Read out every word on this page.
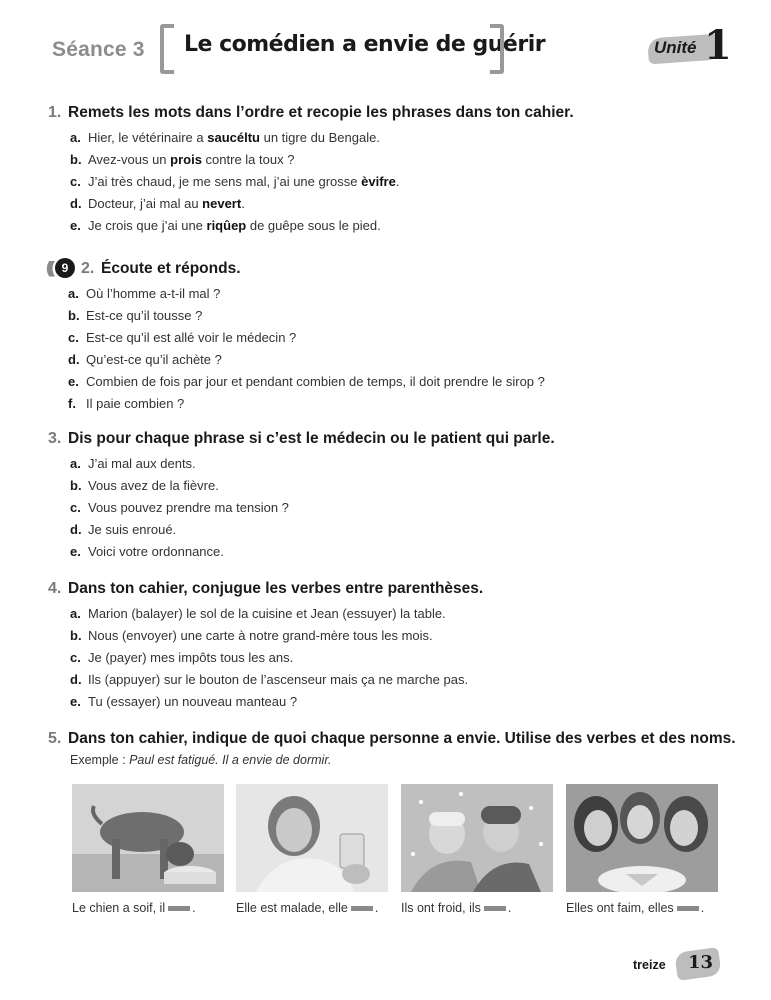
Séance 3 Le comédien a envie de guérir	Unité 1
1. Remets les mots dans l’ordre et recopie les phrases dans ton cahier.
a. Hier, le vétérinaire a saucéltu un tigre du Bengale.
b. Avez-vous un prois contre la toux ?
c. J’ai très chaud, je me sens mal, j’ai une grosse èvifre.
d. Docteur, j’ai mal au nevert.
e. Je crois que j’ai une riqûep de guêpe sous le pied.
((( 9 2. Écoute et réponds.
a. Où l’homme a-t-il mal ?
b. Est-ce qu’il tousse ?
c. Est-ce qu’il est allé voir le médecin ?
d. Qu’est-ce qu’il achète ?
e. Combien de fois par jour et pendant combien de temps, il doit prendre le sirop ?
f. Il paie combien ?
3. Dis pour chaque phrase si c’est le médecin ou le patient qui parle.
a. J’ai mal aux dents.
b. Vous avez de la fièvre.
c. Vous pouvez prendre ma tension ?
d. Je suis enroué.
e. Voici votre ordonnance.
4. Dans ton cahier, conjugue les verbes entre parenthèses.
a. Marion (balayer) le sol de la cuisine et Jean (essuyer) la table.
b. Nous (envoyer) une carte à notre grand-mère tous les mois.
c. Je (payer) mes impôts tous les ans.
d. Ils (appuyer) sur le bouton de l’ascenseur mais ça ne marche pas.
e. Tu (essayer) un nouveau manteau ?
5. Dans ton cahier, indique de quoi chaque personne a envie. Utilise des verbes et des noms.
Exemple : Paul est fatigué. Il a envie de dormir.
Le chien a soif, il .	Elle est malade, elle . Ils ont froid, ils .	Elles ont faim, elles .
treize 13
